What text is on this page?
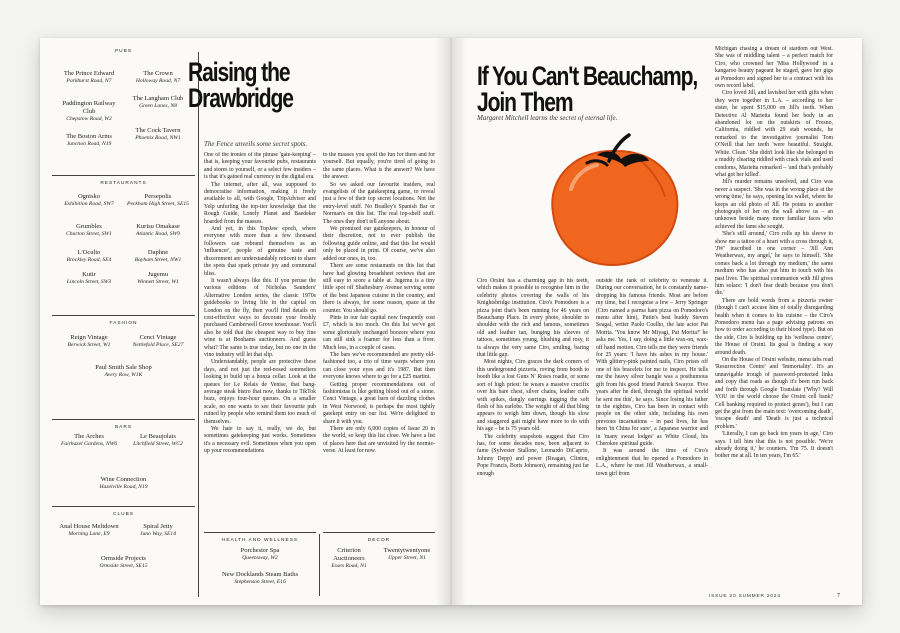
PUBS
The Prince Edward
Parkhurst Road, N7
The Crown
Holloway Road, N7
Paddington Railway Club
Chepstow Road, W2
The Langham Club
Green Lanes, N8
The Boston Arms
Junction Road, N19
The Cock Tavern
Phoenix Road, NW1
RESTAURANTS
Ognisko
Exhibition Road, SW7
Persepolis
Peckham High Street, SE15
Grumbles
Churton Street, SW1
Kurisu Omakase
Atlantic Road, SW9
L'Oculto
Brockley Road, SE4
Daphne
Bayham Street, NW1
Kutir
Lincoln Street, SW3
Jugemu
Winnett Street, W1
FASHION
Reign Vintage
Berwick Street, W1
Cenci Vintage
Nettlefold Place, SE27
Paul Smith Sale Shop
Avery Row, W1K
BARS
The Arches
Fairhazel Gardens, NW6
Le Beaujolais
Litchfield Street, WC2
Wine Connection
Hazelville Road, N19
CLUBS
Anal House Meltdown
Morning Lane, E9
Spiral Jetty
Juno Way, SE14
Ormside Projects
Ormside Street, SE15
Raising the
Drawbridge
The Fence unveils some secret spots.

One of the ironies of the phrase 'gate-keeping' – that is, keeping your favourite pubs, restaurants and stores to yourself, or a select few insiders – is that it's gained real currency in the digital era.

The internet, after all, was supposed to democratise information, making it freely available to all, with Google, TripAdvisor and Yelp unfurling the top-tier knowledge that the Rough Guide, Lonely Planet and Baedeker hoarded from the masses.

And yet, in this TopJaw epoch, where everyone with more than a few thousand followers can rebrand themselves as an 'influencer', people of genuine taste and discernment are understandably reticent to share the spots that spark private joy and communal bliss.

It wasn't always like this. If you peruse the various editions of Nicholas Saunders' Alternative London series, the classic 1970s guidebooks to living life in the capital on London on the fly, then you'll find details on cost-effective ways to decorate your freshly purchased Camberwell Grove townhouse. You'll also be told that the cheapest way to buy fine wine is at Bonhams auctioneers. And guess what? The same is true today, but no one in the vino industry will let that slip.

Understandably, people are protective these days, and not just the red-nosed sommeliers looking to build up a bonza cellar. Look at the queues for Le Relais de Venise, that bang-average steak bistro that now, thanks to TikTok buzz, enjoys four-hour queues. On a smaller scale, no one wants to see their favourite pub ruined by people who remind them too much of themselves.

We hate to say it, really, we do, but sometimes gatekeeping just works. Sometimes it's a necessary evil. Sometimes when you open up your recommendations

to the masses you spoil the fun for them and for yourself. But equally, you're tired of going to the same places. What is the answer? We have the answer.

So we asked our favourite insiders, real evangelists of the gatekeeping game, to reveal just a few of their top secret locations. Not the entry-level stuff. No Bradley's Spanish Bar or Norman's on this list. The real top-shelf stuff. The ones they don't tell anyone about.

We promised our gatekeepers, in honour of their discretion, not to ever publish the following guide online, and that this list would only be placed in print. Of course, we've also added our ones, in, too.

There are some restaurants on this list that have had glowing broadsheet reviews that are still easy to score a table at. Jugemu is a tiny little spot off Shaftesbury Avenue serving some of the best Japanese cuisine in the country, and there is always, for some reason, space at the counter. You should go.

Pints in our fair capital now frequently cost £7, which is too much. On this list we've got some gloriously unchanged boozers where you can still sink a foamer for less than a fiver. Much less, in a couple of cases.

The bars we've recommended are pretty old-fashioned too, a trio of time warps where you can close your eyes and it's 1987. But then everyone knows where to go for a £25 martini.

Getting proper recommendations out of fashionistas is like getting blood out of a stone. Cenci Vintage, a great barn of dazzling clothes in West Norwood, is perhaps the most tightly gatekept entry on our list. We're delighted to share it with you.

There are only 6,000 copies of Issue 20 in the world, so keep this list close. We have a list of places here that are unvisited by the normie-verse. At least for now.

HEALTH AND WELLNESS
Porchester Spa
Queensway, W2
New Docklands Steam Baths
Stephenson Street, E16
DECOR
Criterion Auctioneers
Essex Road, N1
Twentytwentyone
Upper Street, N1
If You Can't Beauchamp,
Join Them
Margaret Mitchell learns the secret of eternal life.

Ciro Orsini has a charming gap in his teeth, which makes it possible to recognise him in the celebrity photos covering the walls of his Knightsbridge institution. Ciro's Pomodoro is a pizza joint that's been running for 46 years on Beauchamp Place. In every photo, shoulder to shoulder with the rich and famous, sometimes old and leather tan, bunging his sleeves of tattoos, sometimes young, blushing and rosy, it is always the very same Ciro, smiling, baring that little gap.

Most nights, Ciro graces the dark corners of this underground pizzeria, roving from booth to booth like a lost Guns N' Roses roadie, or some sort of high priest: he wears a massive crucifix over his bare chest, silver chains, leather cuffs with spikes, dangly earrings tugging the soft flesh of his earlobe. The weight of all that bling appears to weigh him down, though his slow and staggered gait might have more to do with his age – he is 75 years old.

The celebrity snapshots suggest that Ciro has, for some decades now, been adjacent to fame (Sylvester Stallone, Leonardo DiCaprio, Johnny Depp) and power (Reagan, Clinton, Pope Francis, Boris Johnson), remaining just far enough

outside the rank of celebrity to venerate it. During our conversation, he is constantly name-dropping his famous friends. Most are before my time, but I recognise a few – Jerry Springer (Ciro named a parma ham pizza on Pomodoro's menu after him), Putin's best buddy Steven Seagal, writer Paolo Coelho, the late actor Pat Morita. 'You know Mr Miyagi, Pat Morita?' he asks me. Yes, I say, doing a little wax-on, wax-off hand motion. Ciro tells me they were friends for 25 years: 'I have his ashes in my house.' With glittery-pink painted nails, Ciro prises off one of his bracelets for me to inspect. He tells me the heavy silver bangle was a posthumous gift from his good friend Patrick Swayze. 'Five years after he died, through the spiritual world he sent me this', he says. Since losing his father in the eighties, Ciro has been in contact with people on the other side, including his own previous incarnations – in past lives, he has been 'in China for sure', a Japanese warrior and in 'many sweat lodges' as White Cloud, his Cherokee spiritual guide.

It was around the time of Ciro's enlightenment that he opened a Pomodoro in L.A., where he met Jill Weatherwax, a small-town girl from

Michigan chasing a dream of stardom out West. She was of middling talent – a perfect match for Ciro, who crowned her 'Miss Hollywood' in a kangaroo beauty pageant he staged, gave her gigs at Pomodoro and signed her to a contract with his own record label.

Ciro loved Jill, and lavished her with gifts when they were together in L.A. – according to her sister, he spent $15,000 on Jill's teeth. When Detective Al Marietta found her body in an abandoned lot on the outskirts of Fresno, California, riddled with 29 stab wounds, he remarked to the investigative journalist Tom O'Neill that her teeth 'were beautiful. Straight. White. Clean.' She didn't look like she belonged in a muddy clearing riddled with crack vials and used condoms, Marietta remarked – 'and that's probably what got her killed'.

Jill's murder remains unsolved, and Ciro was never a suspect. 'She was in the wrong place at the wrong time,' he says, opening his wallet, where he keeps an old photo of Jill. He points to another photograph of her on the wall above us – an unknown beside many more familiar faces who achieved the fame she sought.

'She's still around,' Ciro rolls up his sleeve to show me a tattoo of a heart with a cross through it, 'JW' inscribed in one corner – 'Jill Ann Weatherwax, my angel,' he says to himself. 'She comes back a lot through my medium,' the same medium who has also put him in touch with his past lives. The spiritual communion with Jill gives him solace: 'I don't fear death because you don't die.'

There are bold words from a pizzeria owner (though I can't accuse him of totally disregarding health when it comes to his cuisine – the Ciro's Pomodoro menu has a page advising patrons on how to order according to their blood type). But on the side, Ciro is building up his 'wellness centre', the House of Orsini. Its goal is finding a way around death.

On the House of Orsini website, menu tabs read 'Resurrection Centre' and 'Immortality'. It's an unnavigable trough of password-protected links and copy that reads as though it's been run back and forth through Google Translate ('Why? Will YOU in the world choose the Orsini cell bank? Cell banking required to protect genes'), but I can get the gist from the main text: 'overcoming death', 'escape death' and 'Death is just a technical problem.'

'Literally, I can go back ten years in age,' Ciro says. I tell him that this is not possible. 'We're already doing it,' he counters. 'I'm 75. It doesn't bother me at all. In ten years, I'm 65.'

ISSUE 20 SUMMER 2024	7
